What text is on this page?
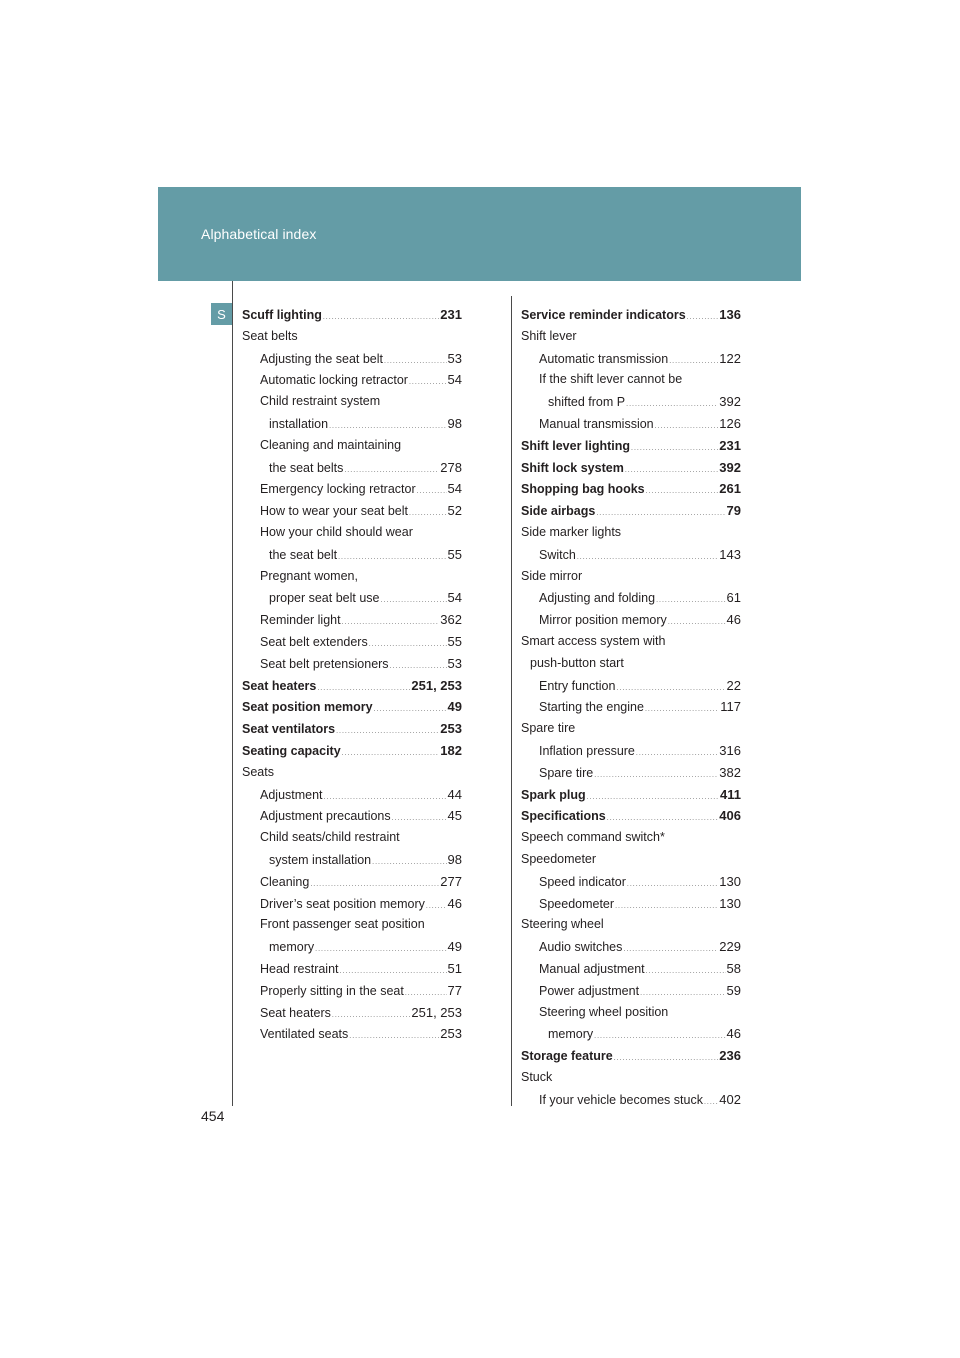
Alphabetical index
S
454
Scuff lighting .....	231
Seat belts
Adjusting the seat belt .....	53
Automatic locking retractor .....	54
Child restraint system
installation .....	98
Cleaning and maintaining
the seat belts .....	278
Emergency locking retractor ..... 54
How to wear your seat belt .....	52
How your child should wear
the seat belt .....	55
Pregnant women,
proper seat belt use .....	54
Reminder light .....	362
Seat belt extenders .....	55
Seat belt pretensioners .....	53
Seat heaters .....	251, 253
Seat position memory .....	49
Seat ventilators .....	253
Seating capacity .....	182
Seats
Adjustment .....	44
Adjustment precautions .....	45
Child seats/child restraint
system installation .....	98
Cleaning .....	277
Driver’s seat position memory ..... 46
Front passenger seat position
memory .....	49
Head restraint .....	51
Properly sitting in the seat .....	77
Seat heaters .....	251, 253
Ventilated seats .....	253
Service reminder indicators .....	136
Shift lever
Automatic transmission .....	122
If the shift lever cannot be
shifted from P .....	392
Manual transmission .....	126
Shift lever lighting .....	231
Shift lock system .....	392
Shopping bag hooks .....	261
Side airbags .....	79
Side marker lights
Switch .....	143
Side mirror
Adjusting and folding .....	61
Mirror position memory .....	46
Smart access system with
push-button start
Entry function .....	22
Starting the engine .....	117
Spare tire
Inflation pressure .....	316
Spare tire .....	382
Spark plug .....	411
Specifications .....	406
Speech command switch*
Speedometer
Speed indicator .....	130
Speedometer .....	130
Steering wheel
Audio switches .....	229
Manual adjustment .....	58
Power adjustment .....	59
Steering wheel position
memory .....	46
Storage feature .....	236
Stuck
If your vehicle becomes stuck ..... 402
